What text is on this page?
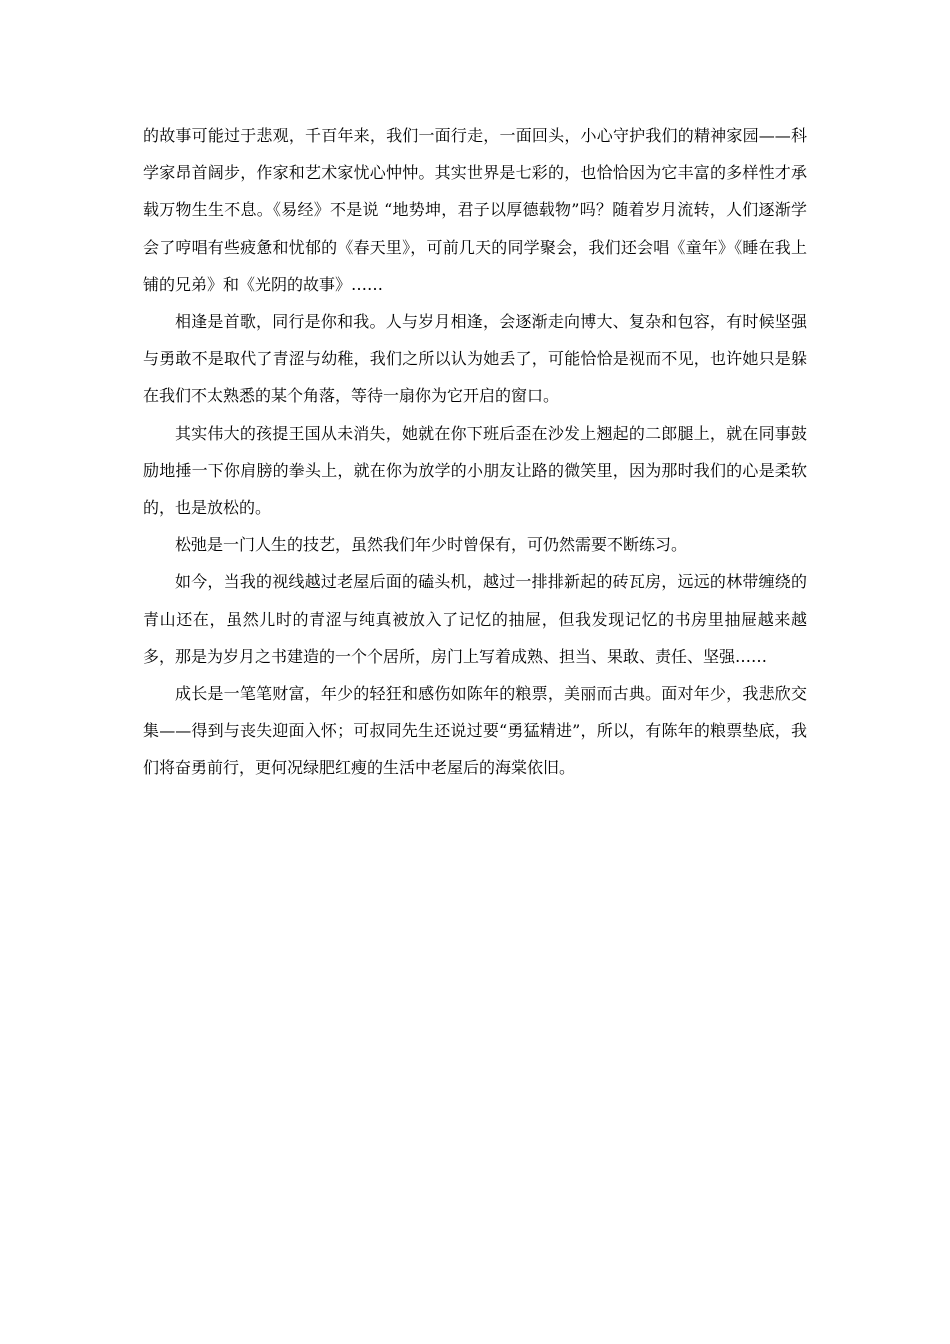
的故事可能过于悲观，千百年来，我们一面行走，一面回头，小心守护我们的精神家园——科学家昂首阔步，作家和艺术家忧心忡忡。其实世界是七彩的，也恰恰因为它丰富的多样性才承载万物生生不息。《易经》不是说 “地势坤，君子以厚德载物”吗？随着岁月流转，人们逐渐学会了哼唱有些疲惫和忧郁的《春天里》，可前几天的同学聚会，我们还会唱《童年》《睡在我上铺的兄弟》和《光阴的故事》……

相逢是首歌，同行是你和我。人与岁月相逢，会逐渐走向博大、复杂和包容，有时候坚强与勇敢不是取代了青涩与幼稚，我们之所以认为她丢了，可能恰恰是视而不见，也许她只是躲在我们不太熟悉的某个角落，等待一扇你为它开启的窗口。

其实伟大的孩提王国从未消失，她就在你下班后歪在沙发上翘起的二郎腿上，就在同事鼓励地捶一下你肩膀的拳头上，就在你为放学的小朋友让路的微笑里，因为那时我们的心是柔软的，也是放松的。

松弛是一门人生的技艺，虽然我们年少时曾保有，可仍然需要不断练习。

如今，当我的视线越过老屋后面的磕头机，越过一排排新起的砖瓦房，远远的林带缠绕的青山还在，虽然儿时的青涩与纯真被放入了记忆的抽屉，但我发现记忆的书房里抽屉越来越多，那是为岁月之书建造的一个个居所，房门上写着成熟、担当、果敢、责任、坚强……

成长是一笔笔财富，年少的轻狂和感伤如陈年的粮票，美丽而古典。面对年少，我悲欣交集——得到与丧失迎面入怀；可叔同先生还说过要“勇猛精进”，所以，有陈年的粮票垫底，我们将奋勇前行，更何况绿肥红瘦的生活中老屋后的海棠依旧。
